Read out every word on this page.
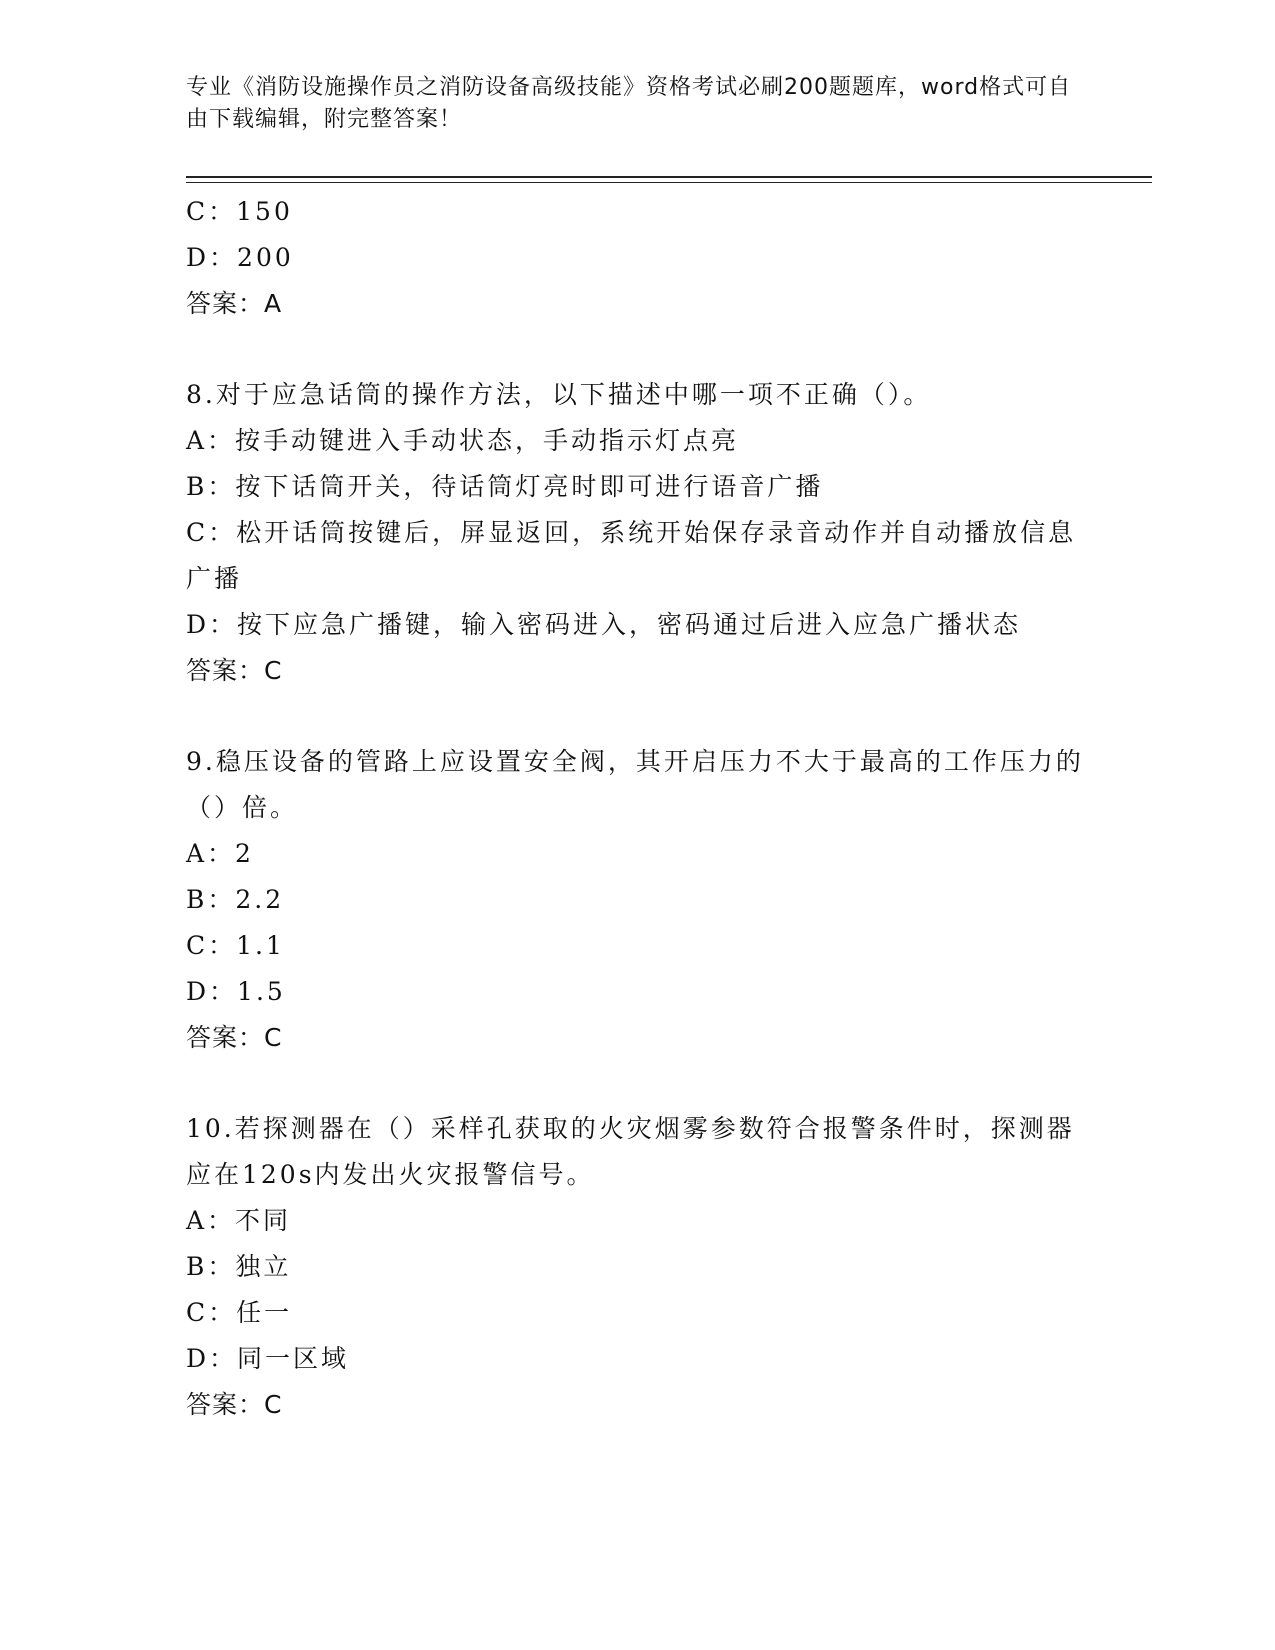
专业《消防设施操作员之消防设备高级技能》资格考试必刷200题题库，word格式可自由下载编辑，附完整答案！
C：150
D：200
答案：A
8.对于应急话筒的操作方法，以下描述中哪一项不正确（）。
A：按手动键进入手动状态，手动指示灯点亮
B：按下话筒开关，待话筒灯亮时即可进行语音广播
C：松开话筒按键后，屏显返回，系统开始保存录音动作并自动播放信息广播
D：按下应急广播键，输入密码进入，密码通过后进入应急广播状态
答案：C
9.稳压设备的管路上应设置安全阀，其开启压力不大于最高的工作压力的（）倍。
A：2
B：2.2
C：1.1
D：1.5
答案：C
10.若探测器在（）采样孔获取的火灾烟雾参数符合报警条件时，探测器应在120s内发出火灾报警信号。
A：不同
B：独立
C：任一
D：同一区域
答案：C
